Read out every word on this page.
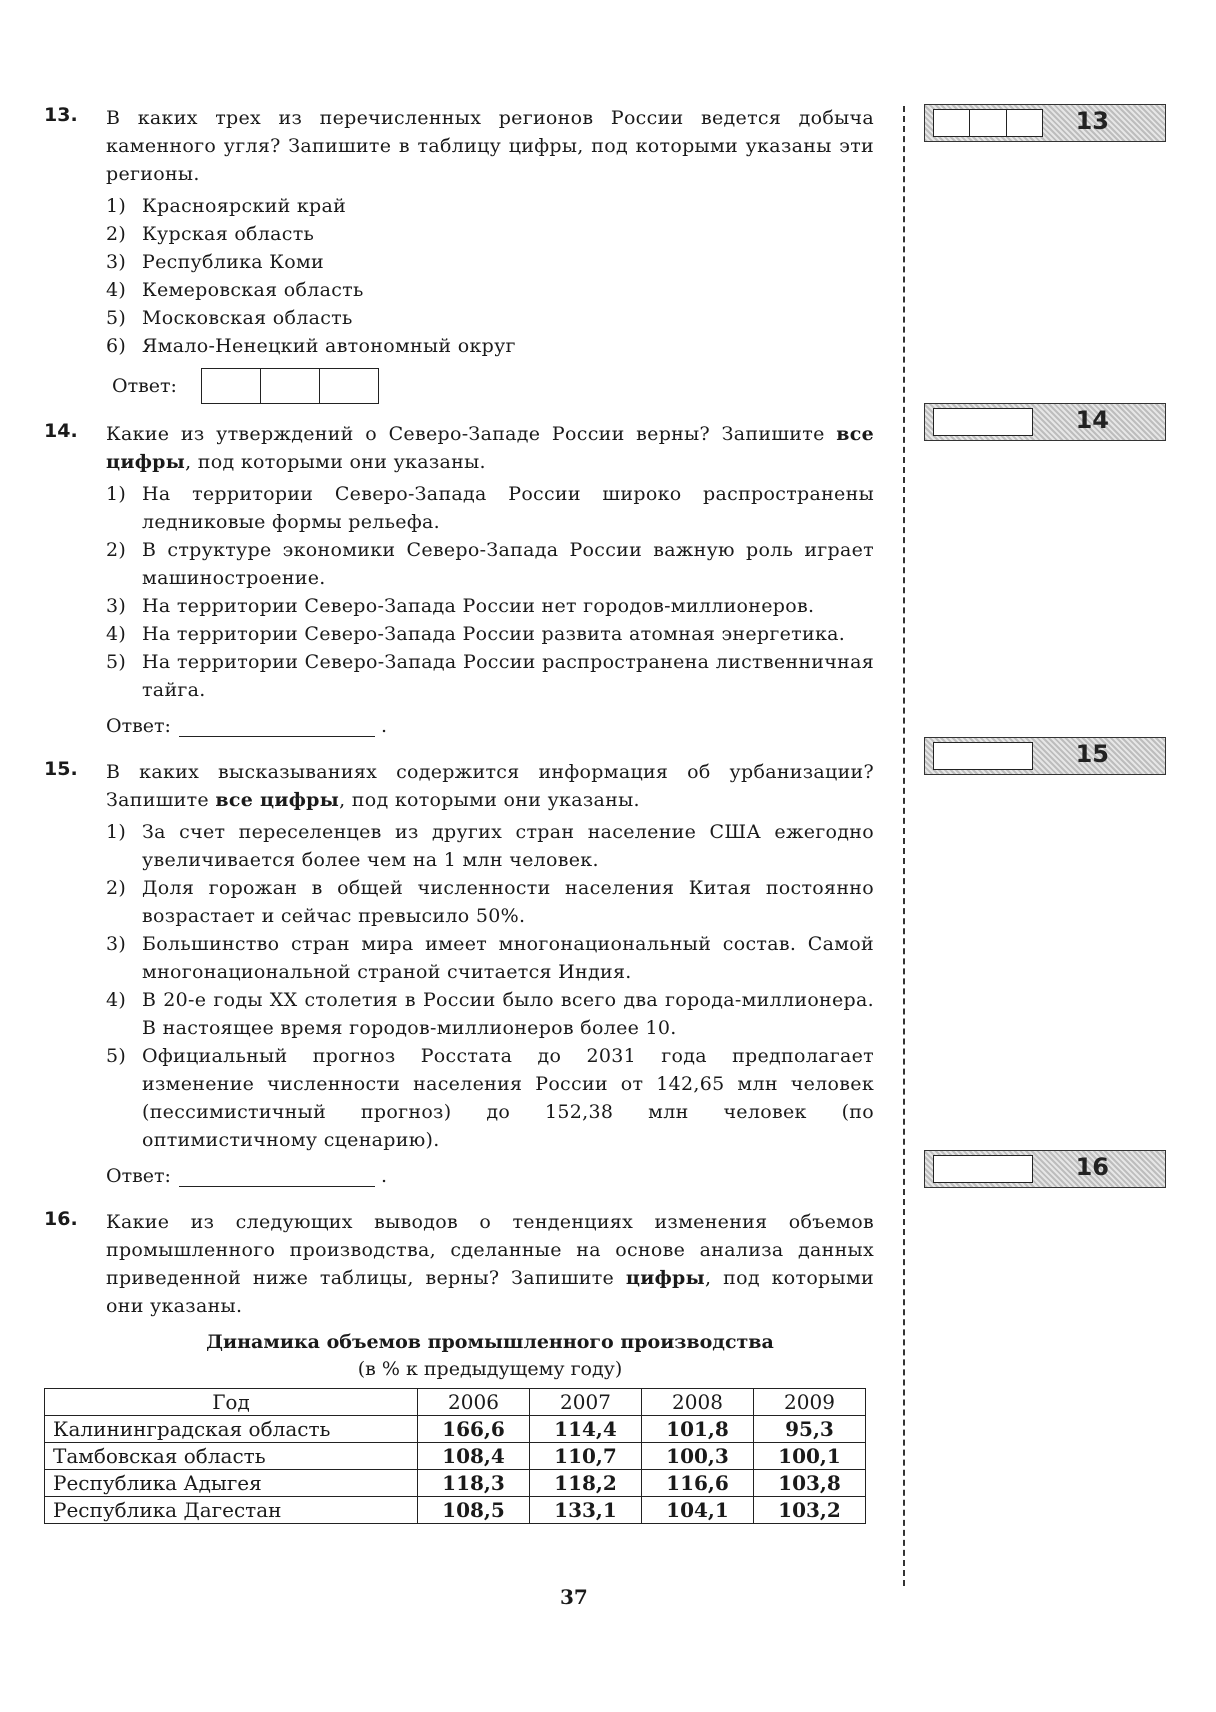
13
14
15
16
13. В каких трех из перечисленных регионов России ведется добыча каменного угля? Запишите в таблицу цифры, под которыми указаны эти регионы.
1) Красноярский край
2) Курская область
3) Республика Коми
4) Кемеровская область
5) Московская область
6) Ямало-Ненецкий автономный округ
Ответ:
14. Какие из утверждений о Северо-Западе России верны? Запишите все цифры, под которыми они указаны.
1) На территории Северо-Запада России широко распространены ледниковые формы рельефа.
2) В структуре экономики Северо-Запада России важную роль играет машиностроение.
3) На территории Северо-Запада России нет городов-миллионеров.
4) На территории Северо-Запада России развита атомная энергетика.
5) На территории Северо-Запада России распространена лиственничная тайга.
Ответ:	.
15. В каких высказываниях содержится информация об урбанизации? Запишите все цифры, под которыми они указаны.
1) За счет переселенцев из других стран население США ежегодно увеличивается более чем на 1 млн человек.
2) Доля горожан в общей численности населения Китая постоянно возрастает и сейчас превысило 50%.
3) Большинство стран мира имеет многонациональный состав. Самой многонациональной страной считается Индия.
4) В 20-е годы XX столетия в России было всего два города-миллионера. В настоящее время городов-миллионеров более 10.
5) Официальный прогноз Росстата до 2031 года предполагает изменение численности населения России от 142,65 млн человек (пессимистичный прогноз) до 152,38 млн человек (по оптимистичному сценарию).
Ответ:	.
16. Какие из следующих выводов о тенденциях изменения объемов промышленного производства, сделанные на основе анализа данных приведенной ниже таблицы, верны? Запишите цифры, под которыми они указаны.
Динамика объемов промышленного производства
(в % к предыдущему году)
Год	2006	2007	2008	2009
Калининградская область	166,6	114,4	101,8	95,3
Тамбовская область	108,4	110,7	100,3	100,1
Республика Адыгея	118,3	118,2	116,6	103,8
Республика Дагестан	108,5	133,1	104,1	103,2
37
